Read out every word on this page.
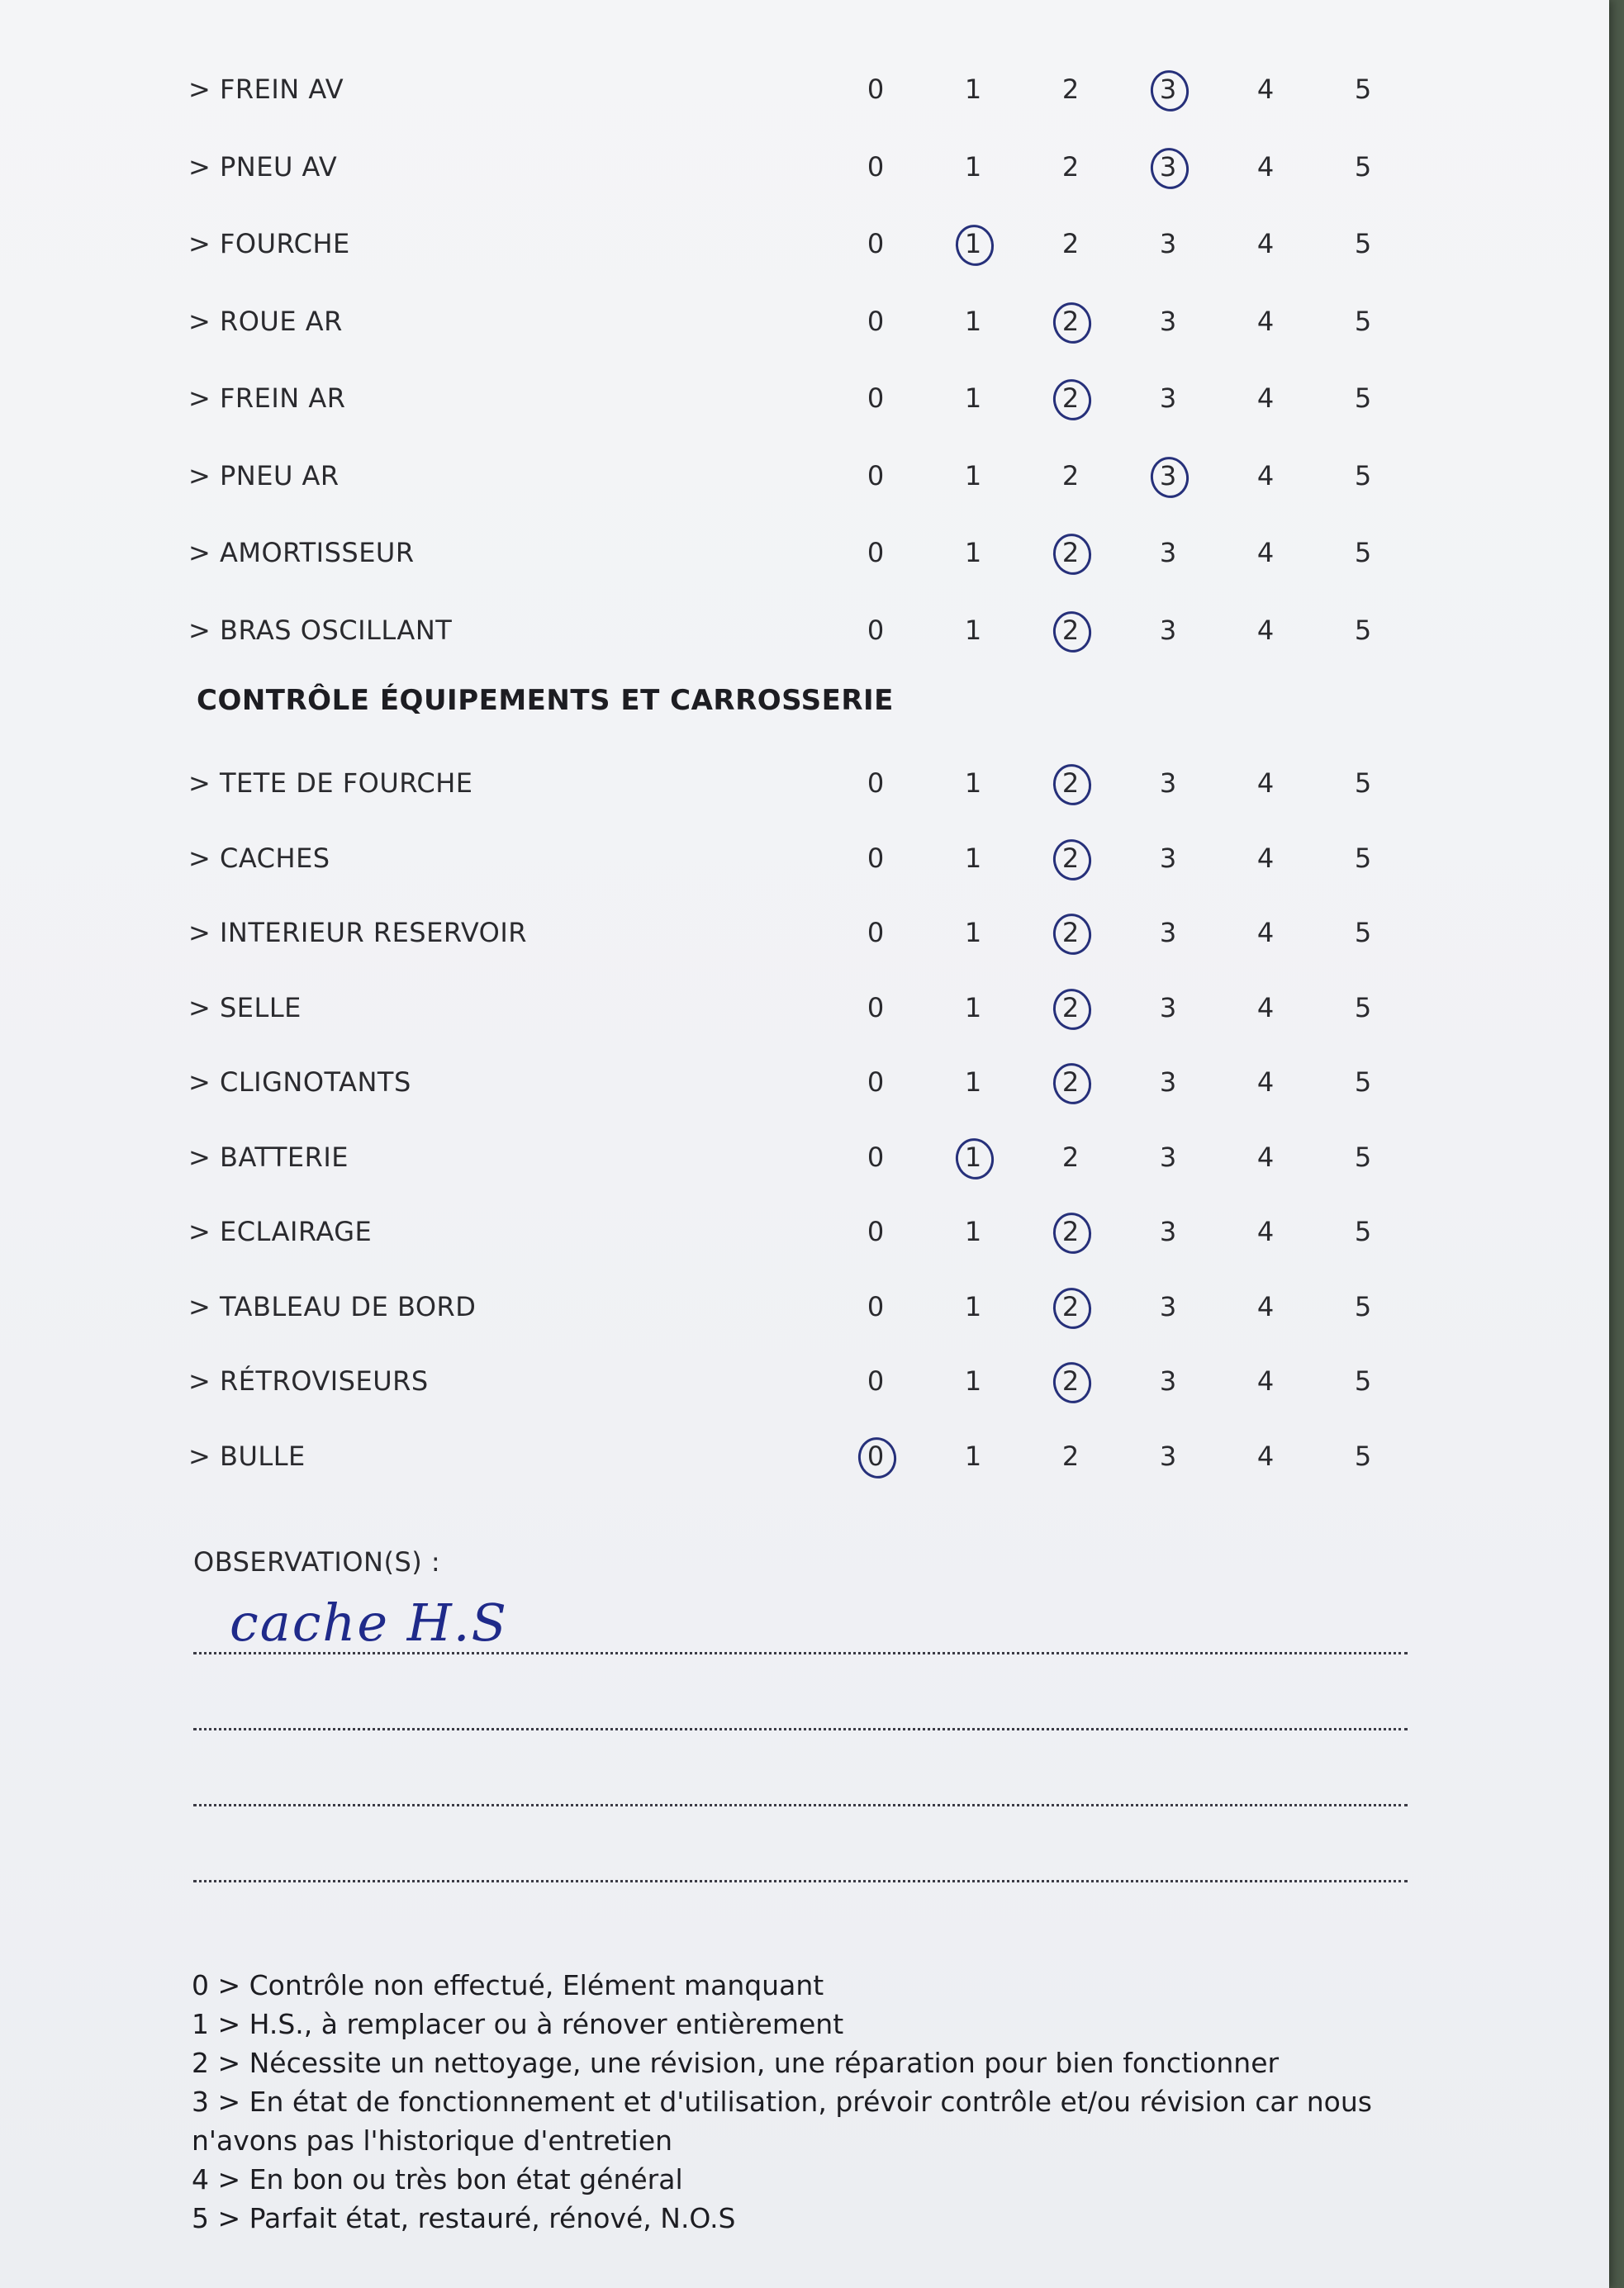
> FREIN AV	0	1	2	3	4	5
> PNEU AV	0	1	2	3	4	5
> FOURCHE	0	1	2	3	4	5
> ROUE AR	0	1	2	3	4	5
> FREIN AR	0	1	2	3	4	5
> PNEU AR	0	1	2	3	4	5
> AMORTISSEUR	0	1	2	3	4	5
> BRAS OSCILLANT	0	1	2	3	4	5
CONTRÔLE ÉQUIPEMENTS ET CARROSSERIE
> TETE DE FOURCHE	0	1	2	3	4	5
> CACHES	0	1	2	3	4	5
> INTERIEUR RESERVOIR	0	1	2	3	4	5
> SELLE	0	1	2	3	4	5
> CLIGNOTANTS	0	1	2	3	4	5
> BATTERIE	0	1	2	3	4	5
> ECLAIRAGE	0	1	2	3	4	5
> TABLEAU DE BORD	0	1	2	3	4	5
> RÉTROVISEURS	0	1	2	3	4	5
> BULLE	0	1	2	3	4	5
OBSERVATION(S) :
cache H.S
0 > Contrôle non effectué, Elément manquant
1 > H.S., à remplacer ou à rénover entièrement
2 > Nécessite un nettoyage, une révision, une réparation pour bien fonctionner
3 > En état de fonctionnement et d'utilisation, prévoir contrôle et/ou révision car nous
n'avons pas l'historique d'entretien
4 > En bon ou très bon état général
5 > Parfait état, restauré, rénové, N.O.S
